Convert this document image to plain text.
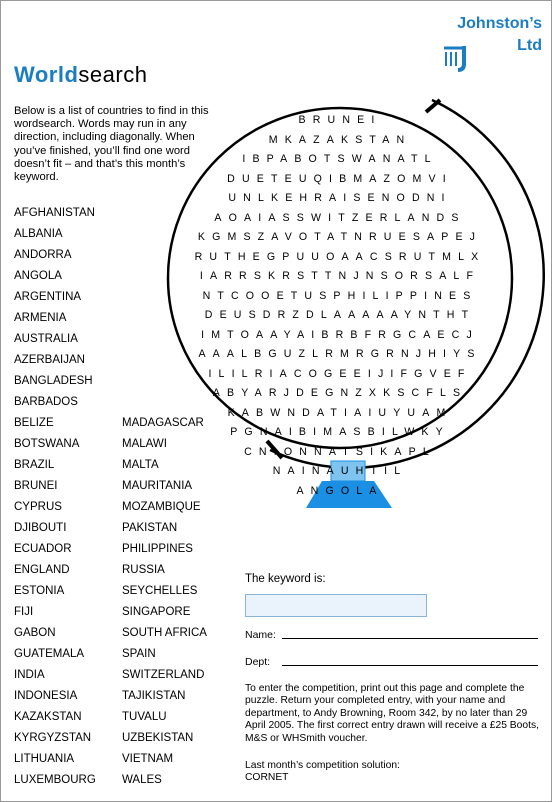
Johnston’s
Ltd
Worldsearch
Below is a list of countries to find in this wordsearch. Words may run in any direction, including diagonally. When you’ve finished, you’ll find one word doesn’t fit – and that’s this month’s keyword.
AFGHANISTAN
ALBANIA
ANDORRA
ANGOLA
ARGENTINA
ARMENIA
AUSTRALIA
AZERBAIJAN
BANGLADESH
BARBADOS
BELIZE
BOTSWANA
BRAZIL
BRUNEI
CYPRUS
DJIBOUTI
ECUADOR
ENGLAND
ESTONIA
FIJI
GABON
GUATEMALA
INDIA
INDONESIA
KAZAKSTAN
KYRGYZSTAN
LITHUANIA
LUXEMBOURG
MADAGASCAR
MALAWI
MALTA
MAURITANIA
MOZAMBIQUE
PAKISTAN
PHILIPPINES
RUSSIA
SEYCHELLES
SINGAPORE
SOUTH AFRICA
SPAIN
SWITZERLAND
TAJIKISTAN
TUVALU
UZBEKISTAN
VIETNAM
WALES
BRUNEI
MKAZAKSTAN
IBPABOTSWANATL
DUETEUQIBMAZOMVI
UNLKEHRAISENODNI
AOAIASSWITZERLANDS
KGMSZAVOTATNRUESAPEJ
RUTHEGPUUOAACSRUTMLX
IARRSKRSTTNJNSORSALF
NTCOOETUSPHILIPPINES
DEUSDRZDLAAAAAYNTHT
IMTOAAYAIBRBFRGCAECJ
AAALBGUZLRMRGRNJHIYS
ILILRIACOGEEIJIFGVEF
ABYARJDEGNZXKSCFLS
KABWNDATIAIUYUAM
PGNAIBIMASBILWKY
CNIONNATSIKAPL
NAINAUHTIL
ANGOLA
The keyword is:
Name:
Dept:
To enter the competition, print out this page and complete the puzzle. Return your completed entry, with your name and department, to Andy Browning, Room 342, by no later than 29 April 2005. The first correct entry drawn will receive a £25 Boots, M&S or WHSmith voucher.
Last month’s competition solution:
CORNET
